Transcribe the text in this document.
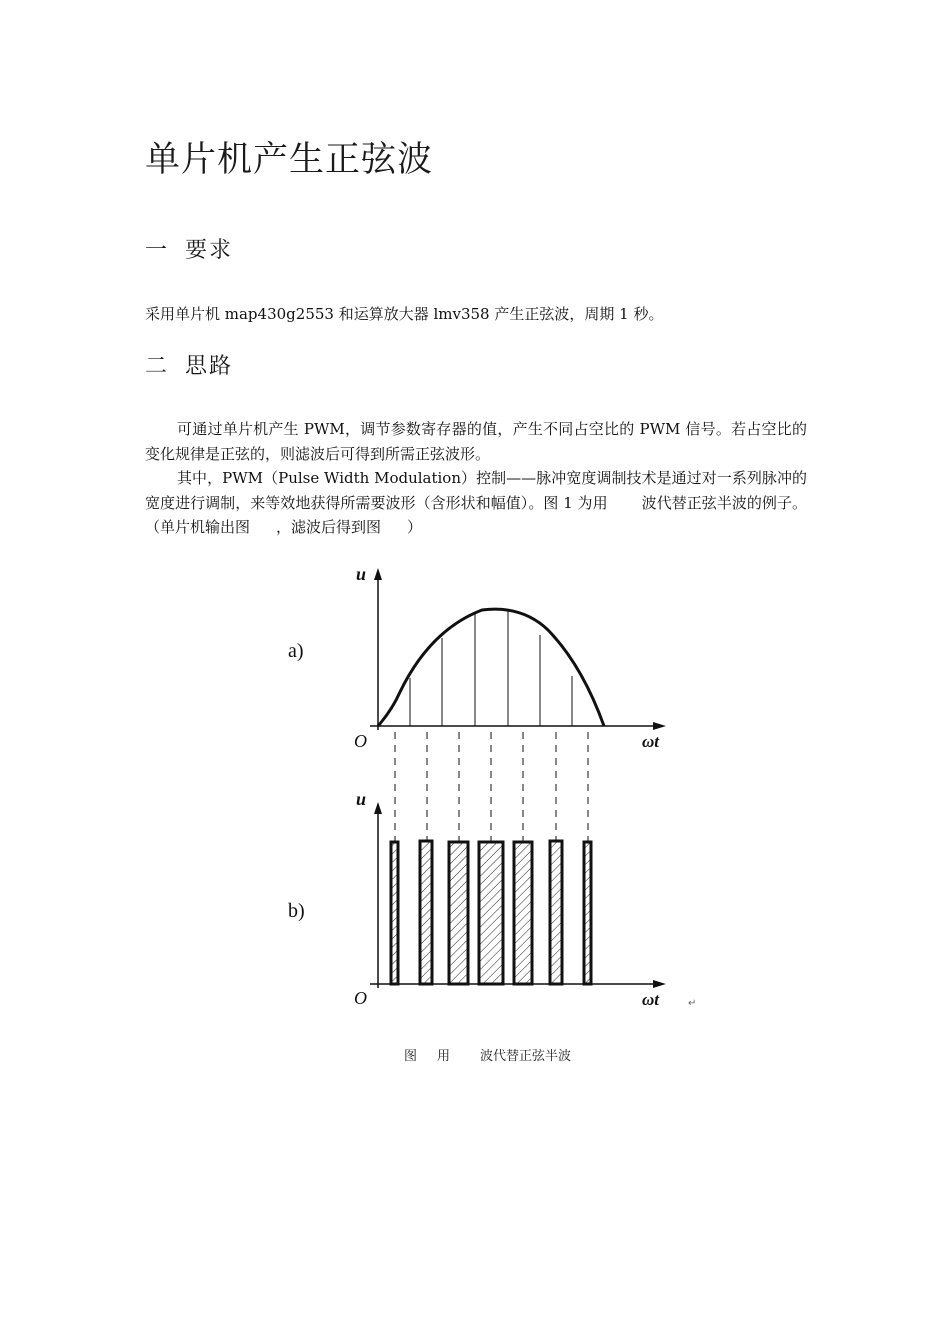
单片机产生正弦波
一 要求
采用单片机 map430g2553 和运算放大器 lmv358 产生正弦波，周期 1 秒。
二 思路
可通过单片机产生 PWM，调节参数寄存器的值，产生不同占空比的 PWM 信号。若占空比的变化规律是正弦的，则滤波后可得到所需正弦波形。
其中，PWM（Pulse Width Modulation）控制——脉冲宽度调制技术是通过对一系列脉冲的宽度进行调制，来等效地获得所需要波形（含形状和幅值）。图 1 为用 波代替正弦半波的例子。（单片机输出图 ，滤波后得到图 ）
a)
u
O	ωt
b)
u
O	ωt	↵
图 用 波代替正弦半波
